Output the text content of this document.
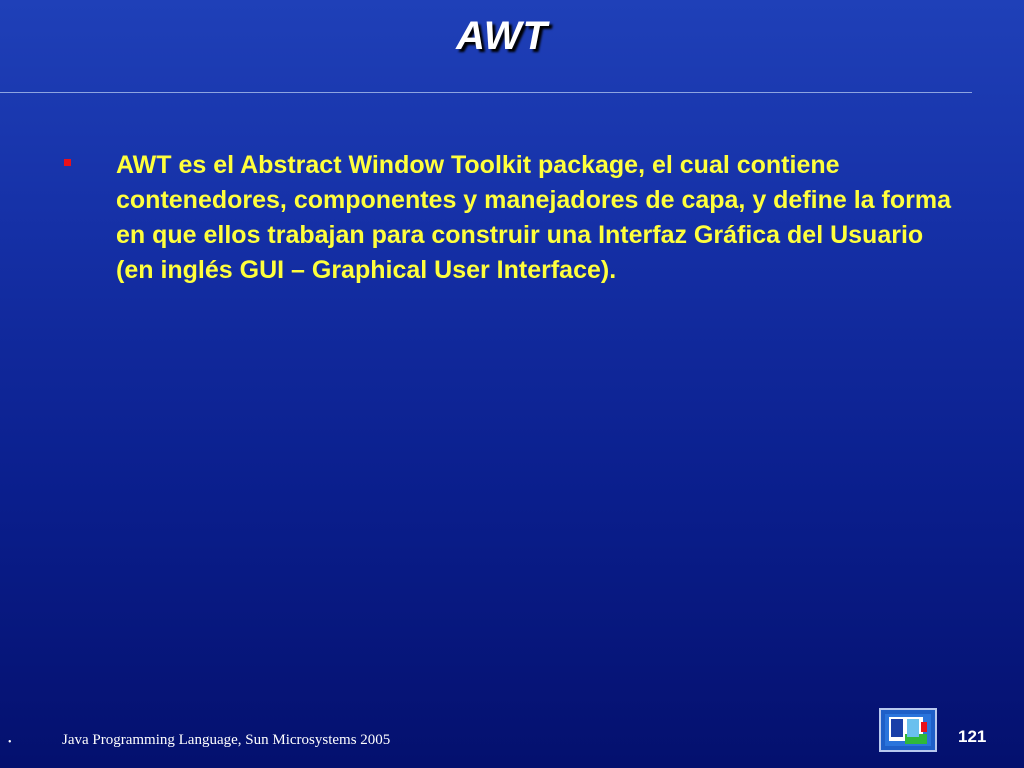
AWT
AWT es el Abstract Window Toolkit package, el cual contiene contenedores, componentes y manejadores de capa, y define la forma en que ellos trabajan para construir una Interfaz Gráfica del Usuario (en inglés GUI – Graphical User Interface).
•	Java Programming Language, Sun Microsystems 2005	121
